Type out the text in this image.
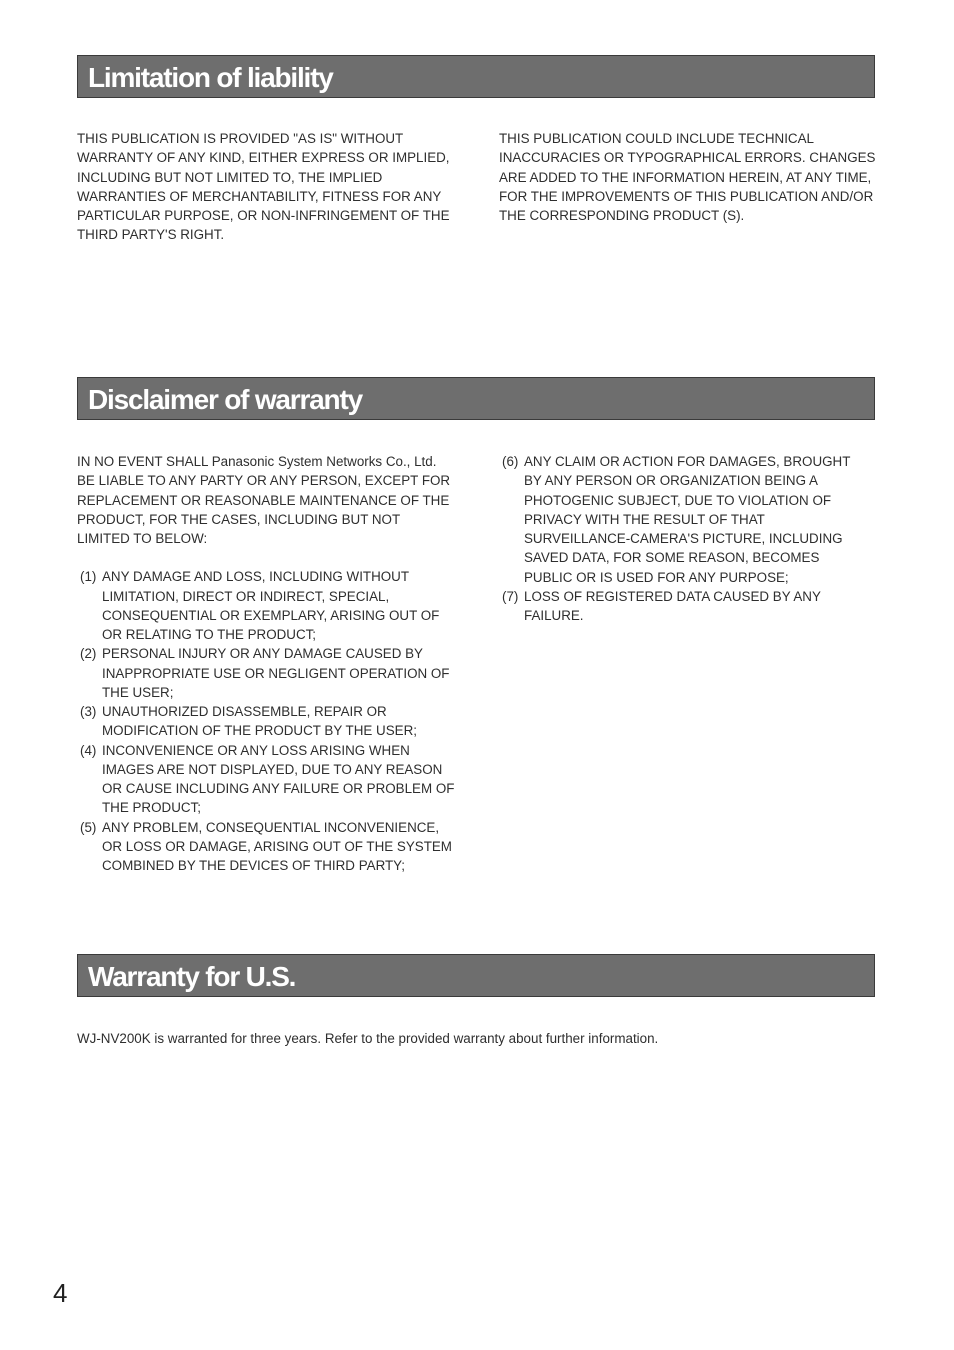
Limitation of liability

THIS PUBLICATION IS PROVIDED "AS IS" WITHOUT WARRANTY OF ANY KIND, EITHER EXPRESS OR IMPLIED, INCLUDING BUT NOT LIMITED TO, THE IMPLIED WARRANTIES OF MERCHANTABILITY, FITNESS FOR ANY PARTICULAR PURPOSE, OR NON-INFRINGEMENT OF THE THIRD PARTY'S RIGHT.

THIS PUBLICATION COULD INCLUDE TECHNICAL INACCURACIES OR TYPOGRAPHICAL ERRORS. CHANGES ARE ADDED TO THE INFORMATION HEREIN, AT ANY TIME, FOR THE IMPROVEMENTS OF THIS PUBLICATION AND/OR THE CORRESPONDING PRODUCT (S).

Disclaimer of warranty

IN NO EVENT SHALL Panasonic System Networks Co., Ltd. BE LIABLE TO ANY PARTY OR ANY PERSON, EXCEPT FOR REPLACEMENT OR REASONABLE MAINTENANCE OF THE PRODUCT, FOR THE CASES, INCLUDING BUT NOT LIMITED TO BELOW:

(1) ANY DAMAGE AND LOSS, INCLUDING WITHOUT LIMITATION, DIRECT OR INDIRECT, SPECIAL, CONSEQUENTIAL OR EXEMPLARY, ARISING OUT OF OR RELATING TO THE PRODUCT;
(2) PERSONAL INJURY OR ANY DAMAGE CAUSED BY INAPPROPRIATE USE OR NEGLIGENT OPERATION OF THE USER;
(3) UNAUTHORIZED DISASSEMBLE, REPAIR OR MODIFICATION OF THE PRODUCT BY THE USER;
(4) INCONVENIENCE OR ANY LOSS ARISING WHEN IMAGES ARE NOT DISPLAYED, DUE TO ANY REASON OR CAUSE INCLUDING ANY FAILURE OR PROBLEM OF THE PRODUCT;
(5) ANY PROBLEM, CONSEQUENTIAL INCONVENIENCE, OR LOSS OR DAMAGE, ARISING OUT OF THE SYSTEM COMBINED BY THE DEVICES OF THIRD PARTY;
(6) ANY CLAIM OR ACTION FOR DAMAGES, BROUGHT BY ANY PERSON OR ORGANIZATION BEING A PHOTOGENIC SUBJECT, DUE TO VIOLATION OF PRIVACY WITH THE RESULT OF THAT SURVEILLANCE-CAMERA'S PICTURE, INCLUDING SAVED DATA, FOR SOME REASON, BECOMES PUBLIC OR IS USED FOR ANY PURPOSE;
(7) LOSS OF REGISTERED DATA CAUSED BY ANY FAILURE.
Warranty for U.S.

WJ-NV200K is warranted for three years. Refer to the provided warranty about further information.

4
